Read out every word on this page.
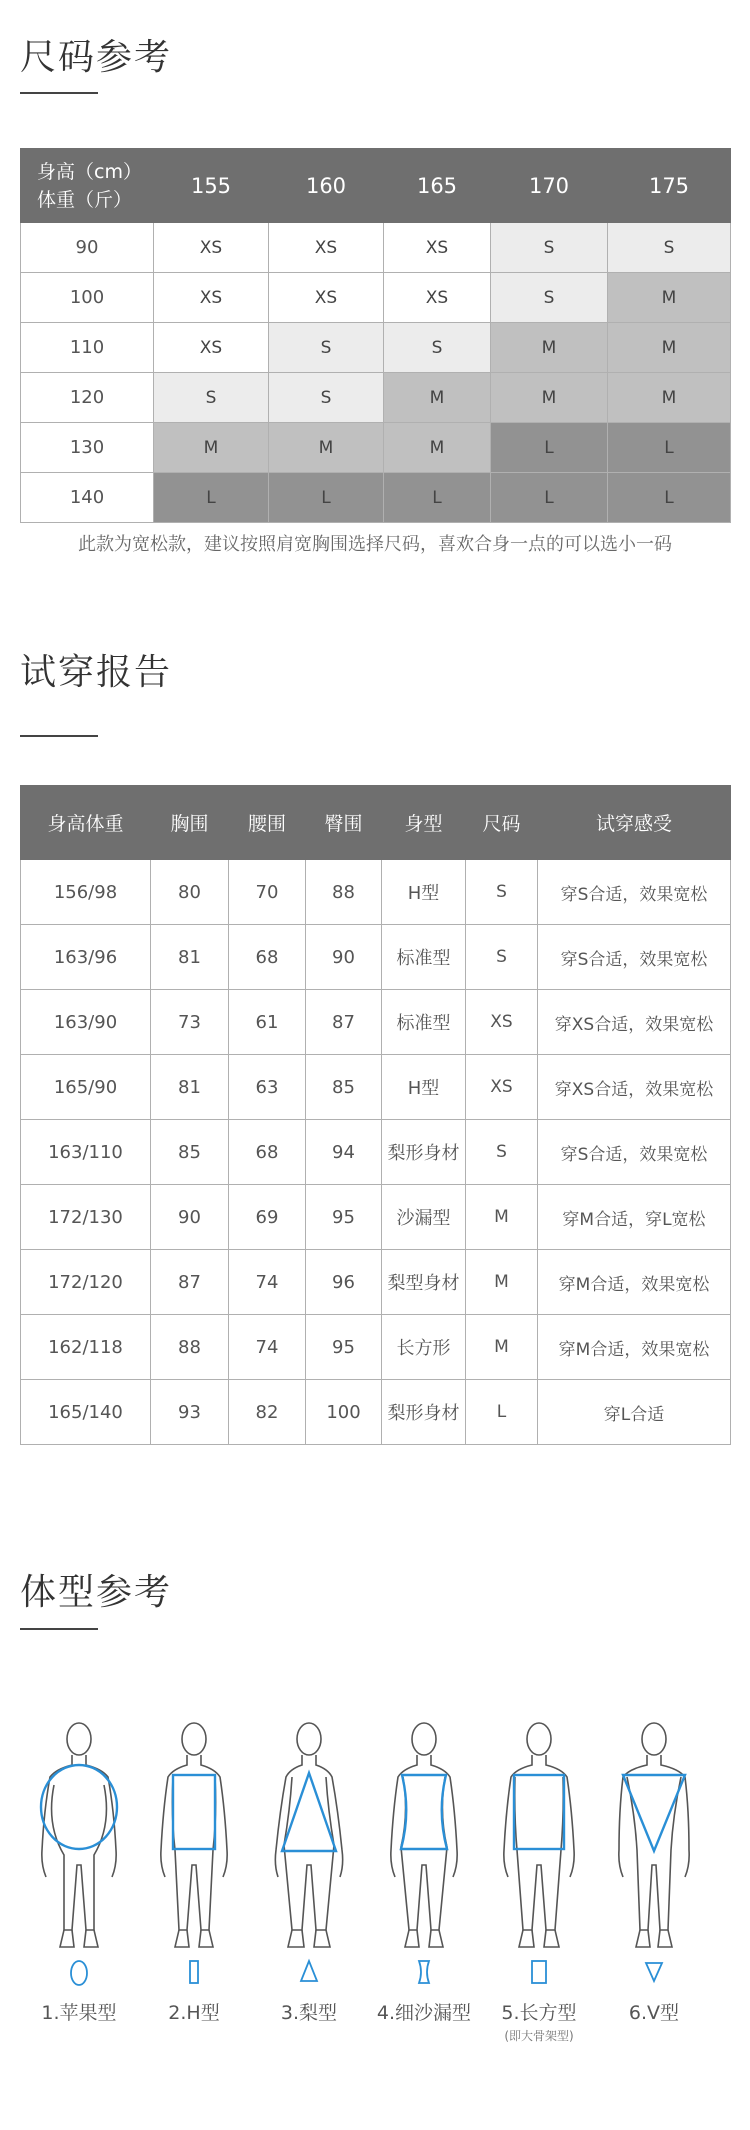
尺码参考
身高（cm）
体重（斤）	155	160	165	170	175
90	XS	XS	XS	S	S
100	XS	XS	XS	S	M
110	XS	S	S	M	M
120	S	S	M	M	M
130	M	M	M	L	L
140	L	L	L	L	L

此款为宽松款，建议按照肩宽胸围选择尺码，喜欢合身一点的可以选小一码

试穿报告
身高体重	胸围	腰围	臀围	身型	尺码	试穿感受
156/98	80	70	88	H型	S	穿S合适，效果宽松
163/96	81	68	90	标准型	S	穿S合适，效果宽松
163/90	73	61	87	标准型	XS	穿XS合适，效果宽松
165/90	81	63	85	H型	XS	穿XS合适，效果宽松
163/110	85	68	94	梨形身材	S	穿S合适，效果宽松
172/130	90	69	95	沙漏型	M	穿M合适，穿L宽松
172/120	87	74	96	梨型身材	M	穿M合适，效果宽松
162/118	88	74	95	长方形	M	穿M合适，效果宽松
165/140	93	82	100	梨形身材	L	穿L合适
体型参考
1.苹果型	2.H型	3.梨型	4.细沙漏型	5.长方型
(即大骨架型)
6.V型
